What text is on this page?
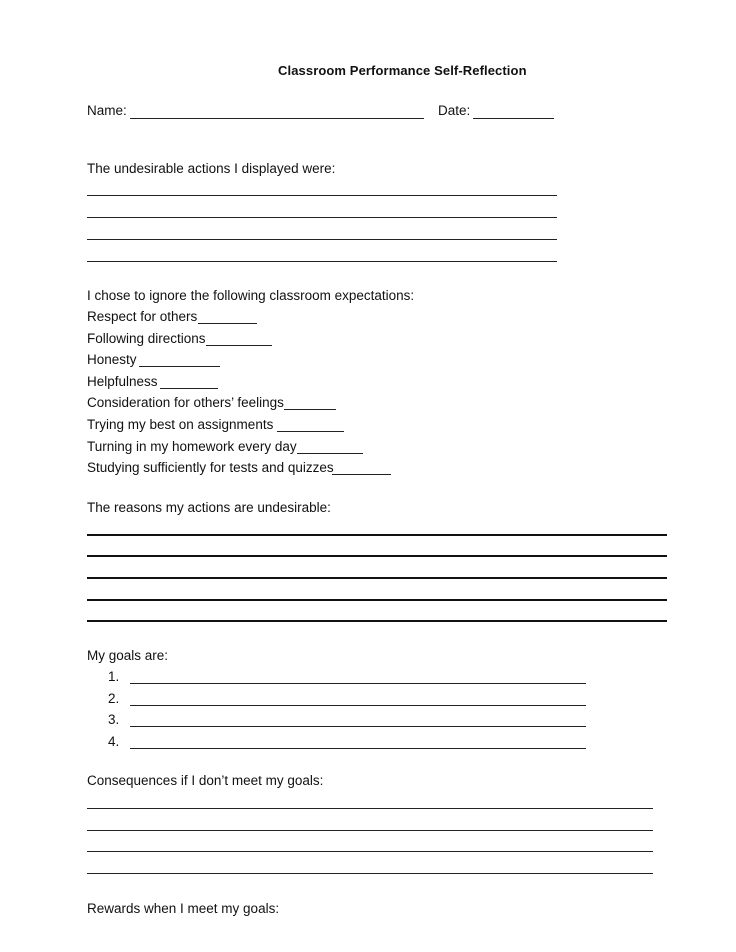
Classroom Performance Self-Reflection
Name:	Date:
The undesirable actions I displayed were:
I chose to ignore the following classroom expectations:
Respect for others
Following directions
Honesty
Helpfulness
Consideration for others’ feelings
Trying my best on assignments
Turning in my homework every day
Studying sufficiently for tests and quizzes
The reasons my actions are undesirable:
My goals are:
1.
2.
3.
4.
Consequences if I don’t meet my goals:
Rewards when I meet my goals:
